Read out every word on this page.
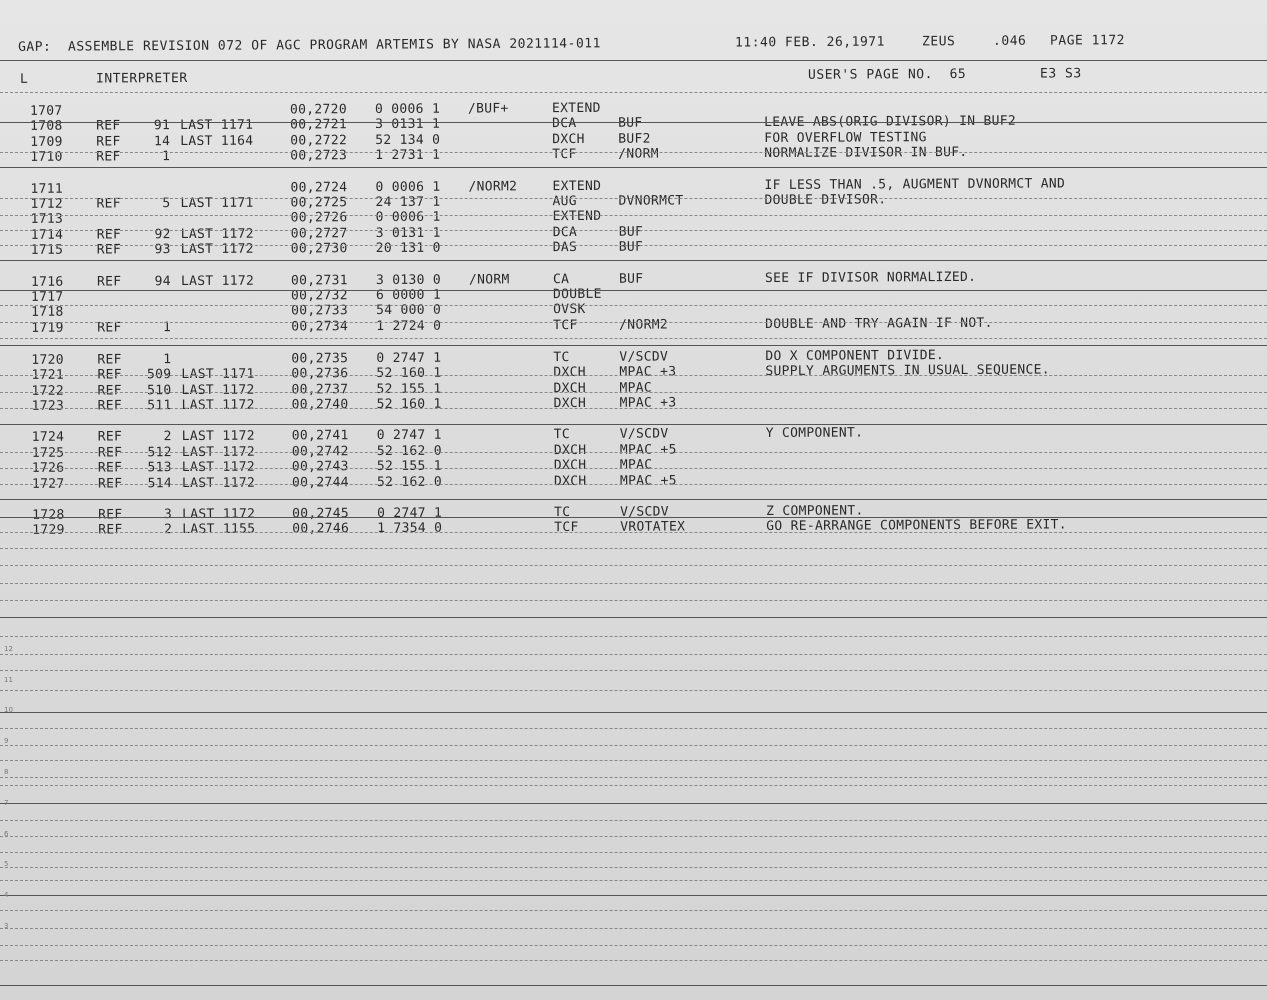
GAP:  ASSEMBLE REVISION 072 OF AGC PROGRAM ARTEMIS BY NASA 2021114-011	11:40 FEB. 26,1971	ZEUS	.046 PAGE 1172
L	INTERPRETER	USER'S PAGE NO.  65	E3 S3
1707	00,2720	0 0006 1	/BUF+	EXTEND
1708	REF	91 LAST 1171	00,2721	3 0131 1	DCA	BUF	LEAVE ABS(ORIG DIVISOR) IN BUF2
1709	REF	14 LAST 1164	00,2722	52 134 0	DXCH	BUF2	FOR OVERFLOW TESTING
1710	REF	1	00,2723	1 2731 1	TCF	/NORM	NORMALIZE DIVISOR IN BUF.
1711	00,2724	0 0006 1	/NORM2	EXTEND	IF LESS THAN .5, AUGMENT DVNORMCT AND
1712	REF	5 LAST 1171	00,2725	24 137 1	AUG	DVNORMCT	DOUBLE DIVISOR.
1713	00,2726	0 0006 1	EXTEND
1714	REF	92 LAST 1172	00,2727	3 0131 1	DCA	BUF
1715	REF	93 LAST 1172	00,2730	20 131 0	DAS	BUF
1716	REF	94 LAST 1172	00,2731	3 0130 0	/NORM	CA	BUF	SEE IF DIVISOR NORMALIZED.
1717	00,2732	6 0000 1	DOUBLE
1718	00,2733	54 000 0	OVSK
1719	REF	1	00,2734	1 2724 0	TCF	/NORM2	DOUBLE AND TRY AGAIN IF NOT.
1720	REF	1	00,2735	0 2747 1	TC	V/SCDV	DO X COMPONENT DIVIDE.
1721	REF	509 LAST 1171	00,2736	52 160 1	DXCH	MPAC +3	SUPPLY ARGUMENTS IN USUAL SEQUENCE.
1722	REF	510 LAST 1172	00,2737	52 155 1	DXCH	MPAC
1723	REF	511 LAST 1172	00,2740	52 160 1	DXCH	MPAC +3
1724	REF	2 LAST 1172	00,2741	0 2747 1	TC	V/SCDV	Y COMPONENT.
1725	REF	512 LAST 1172	00,2742	52 162 0	DXCH	MPAC +5
1726	REF	513 LAST 1172	00,2743	52 155 1	DXCH	MPAC
1727	REF	514 LAST 1172	00,2744	52 162 0	DXCH	MPAC +5
1728	REF	3 LAST 1172	00,2745	0 2747 1	TC	V/SCDV	Z COMPONENT.
1729	REF	2 LAST 1155	00,2746	1 7354 0	TCF	VROTATEX	GO RE-ARRANGE COMPONENTS BEFORE EXIT.
12
11
10
9
8
7
6
5
4
3
